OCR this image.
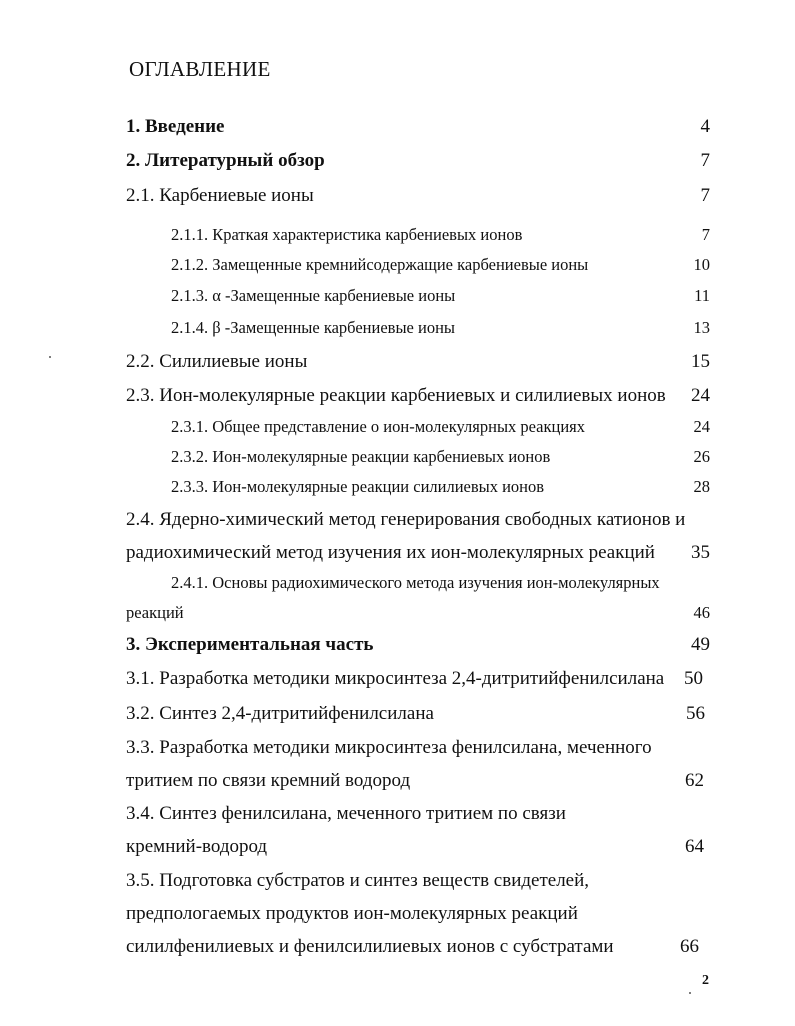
ОГЛАВЛЕНИЕ
1. Введение	4
2. Литературный обзор	7
2.1. Карбениевые ионы	7
2.1.1. Краткая характеристика карбениевых ионов	7
2.1.2. Замещенные кремнийсодержащие карбениевые ионы	10
2.1.3. α -Замещенные карбениевые ионы	11
2.1.4. β -Замещенные карбениевые ионы	13
2.2. Силилиевые ионы	15
2.3. Ион-молекулярные реакции карбениевых и силилиевых ионов 24
2.3.1. Общее представление о ион-молекулярных реакциях	24
2.3.2. Ион-молекулярные реакции карбениевых ионов	26
2.3.3. Ион-молекулярные реакции силилиевых ионов	28
2.4. Ядерно-химический метод генерирования свободных катионов и
радиохимический метод изучения их ион-молекулярных реакций 35
2.4.1. Основы радиохимического метода изучения ион-молекулярных
реакций	46
3. Экспериментальная часть	49
3.1. Разработка методики микросинтеза 2,4-дитритийфенилсилана 50
3.2. Синтез 2,4-дитритийфенилсилана	56
3.3. Разработка методики микросинтеза фенилсилана, меченного
тритием по связи кремний водород	62
3.4. Синтез фенилсилана, меченного тритием по связи
кремний-водород	64
3.5. Подготовка субстратов и синтез веществ свидетелей,
предпологаемых продуктов ион-молекулярных реакций
силилфенилиевых и фенилсилилиевых ионов с субстратами	66
2
